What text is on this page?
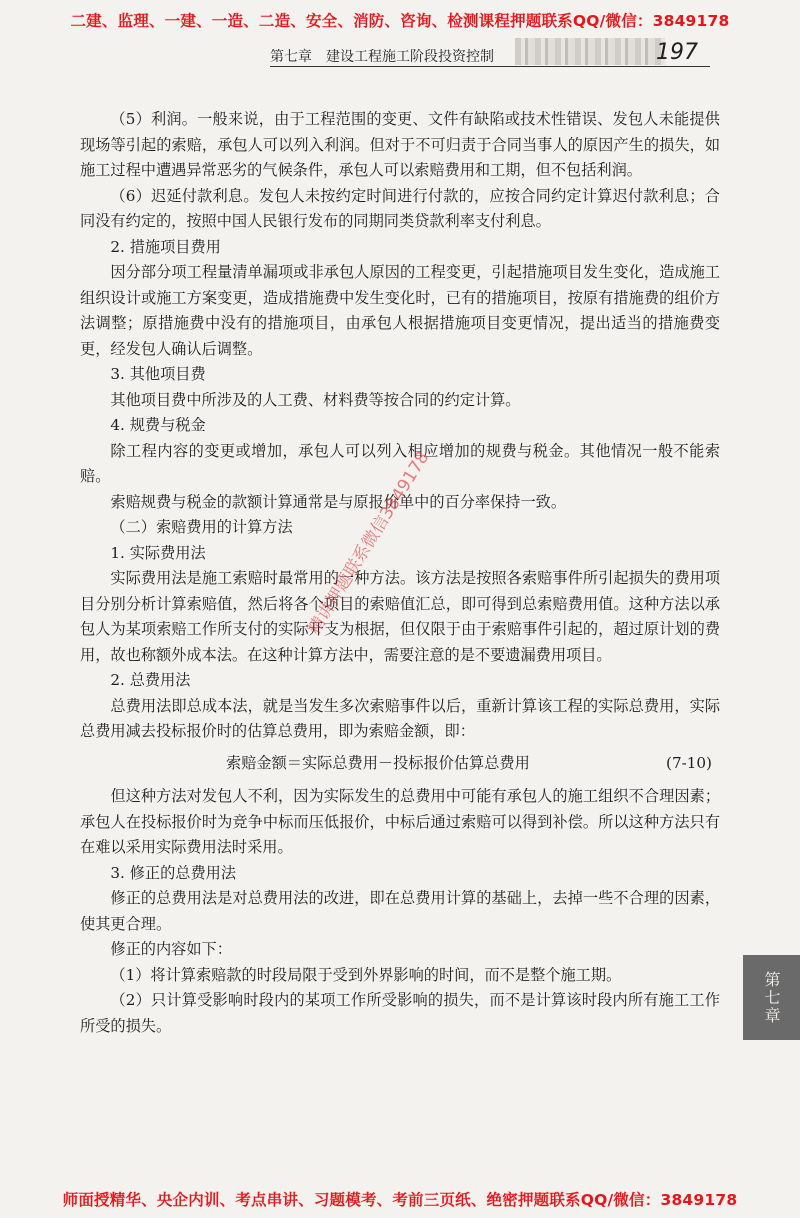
二建、监理、一建、一造、二造、安全、消防、咨询、检测课程押题联系QQ/微信：3849178
第七章 建设工程施工阶段投资控制	197

（5）利润。一般来说，由于工程范围的变更、文件有缺陷或技术性错误、发包人未能提供现场等引起的索赔，承包人可以列入利润。但对于不可归责于合同当事人的原因产生的损失，如施工过程中遭遇异常恶劣的气候条件，承包人可以索赔费用和工期，但不包括利润。

（6）迟延付款利息。发包人未按约定时间进行付款的，应按合同约定计算迟付款利息；合同没有约定的，按照中国人民银行发布的同期同类贷款利率支付利息。

2. 措施项目费用

因分部分项工程量清单漏项或非承包人原因的工程变更，引起措施项目发生变化，造成施工组织设计或施工方案变更，造成措施费中发生变化时，已有的措施项目，按原有措施费的组价方法调整；原措施费中没有的措施项目，由承包人根据措施项目变更情况，提出适当的措施费变更，经发包人确认后调整。

3. 其他项目费

其他项目费中所涉及的人工费、材料费等按合同的约定计算。

4. 规费与税金

除工程内容的变更或增加，承包人可以列入相应增加的规费与税金。其他情况一般不能索赔。

索赔规费与税金的款额计算通常是与原报价单中的百分率保持一致。

（二）索赔费用的计算方法

1. 实际费用法

实际费用法是施工索赔时最常用的一种方法。该方法是按照各索赔事件所引起损失的费用项目分别分析计算索赔值，然后将各个项目的索赔值汇总，即可得到总索赔费用值。这种方法以承包人为某项索赔工作所支付的实际开支为根据，但仅限于由于索赔事件引起的，超过原计划的费用，故也称额外成本法。在这种计算方法中，需要注意的是不要遗漏费用项目。

2. 总费用法

总费用法即总成本法，就是当发生多次索赔事件以后，重新计算该工程的实际总费用，实际总费用减去投标报价时的估算总费用，即为索赔金额，即：

索赔金额＝实际总费用－投标报价估算总费用	(7-10)

但这种方法对发包人不利，因为实际发生的总费用中可能有承包人的施工组织不合理因素；承包人在投标报价时为竞争中标而压低报价，中标后通过索赔可以得到补偿。所以这种方法只有在难以采用实际费用法时采用。

3. 修正的总费用法

修正的总费用法是对总费用法的改进，即在总费用计算的基础上，去掉一些不合理的因素，使其更合理。

修正的内容如下：

（1）将计算索赔款的时段局限于受到外界影响的时间，而不是整个施工期。

（2）只计算受影响时段内的某项工作所受影响的损失，而不是计算该时段内所有施工工作所受的损失。

精讲押题联系微信3849178
第七章
师面授精华、央企内训、考点串讲、习题模考、考前三页纸、绝密押题联系QQ/微信：3849178
